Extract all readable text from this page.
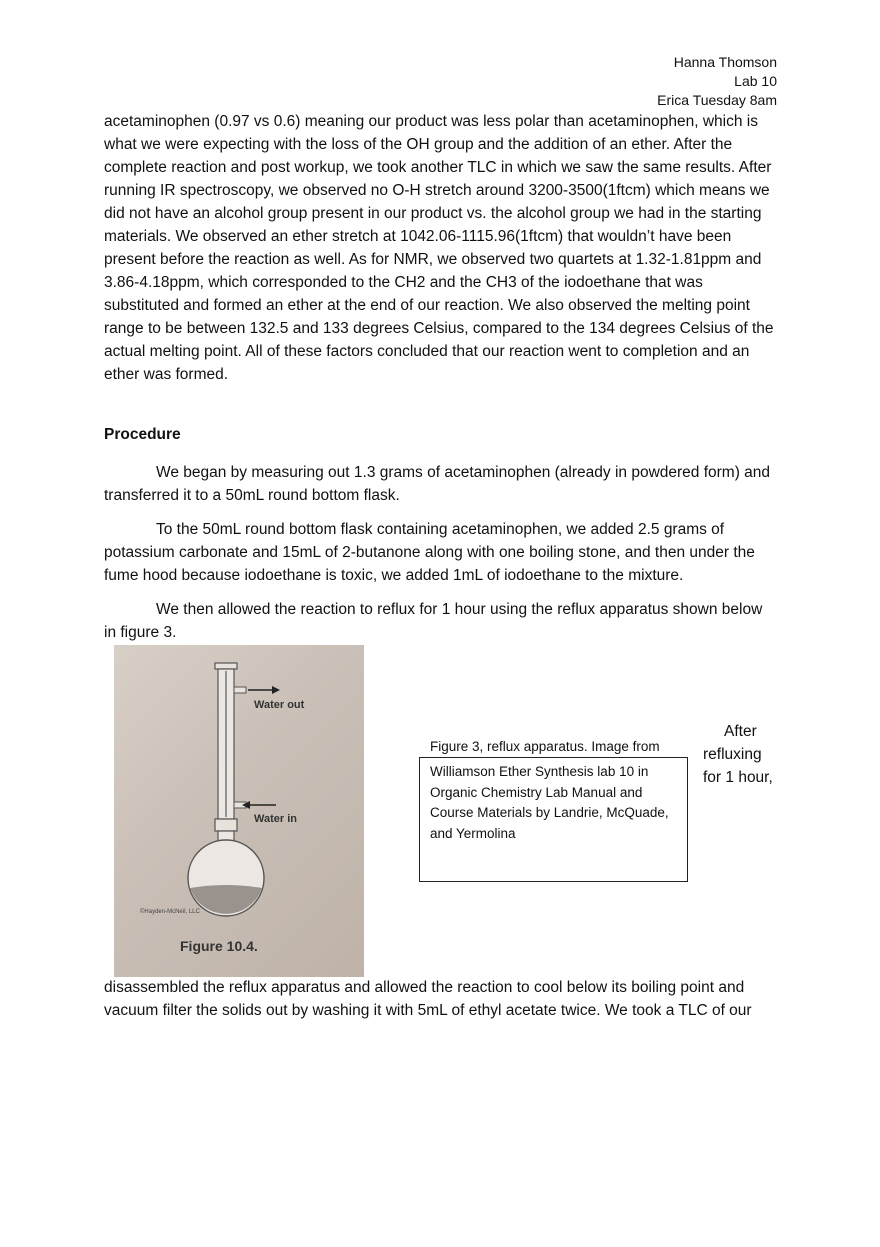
Hanna Thomson
Lab 10
Erica Tuesday 8am
acetaminophen (0.97 vs 0.6) meaning our product was less polar than acetaminophen, which is what we were expecting with the loss of the OH group and the addition of an ether. After the complete reaction and post workup, we took another TLC in which we saw the same results. After running IR spectroscopy, we observed no O-H stretch around 3200-3500(1ftcm) which means we did not have an alcohol group present in our product vs. the alcohol group we had in the starting materials. We observed an ether stretch at 1042.06-1115.96(1ftcm) that wouldn’t have been present before the reaction as well. As for NMR, we observed two quartets at 1.32-1.81ppm and 3.86-4.18ppm, which corresponded to the CH2 and the CH3 of the iodoethane that was substituted and formed an ether at the end of our reaction. We also observed the melting point range to be between 132.5 and 133 degrees Celsius, compared to the 134 degrees Celsius of the actual melting point. All of these factors concluded that our reaction went to completion and an ether was formed.
Procedure
We began by measuring out 1.3 grams of acetaminophen (already in powdered form) and transferred it to a 50mL round bottom flask.
To the 50mL round bottom flask containing acetaminophen, we added 2.5 grams of potassium carbonate and 15mL of 2-butanone along with one boiling stone, and then under the fume hood because iodoethane is toxic, we added 1mL of iodoethane to the mixture.
We then allowed the reaction to reflux for 1 hour using the reflux apparatus shown below in figure 3.
Water out
Water in
©Hayden-McNeil, LLC
Figure 10.4.
Figure 3, reflux apparatus. Image from
Williamson Ether Synthesis lab 10 in Organic Chemistry Lab Manual and Course Materials by Landrie, McQuade, and Yermolina
After
refluxing for 1 hour,
disassembled the reflux apparatus and allowed the reaction to cool below its boiling point and vacuum filter the solids out by washing it with 5mL of ethyl acetate twice. We took a TLC of our
